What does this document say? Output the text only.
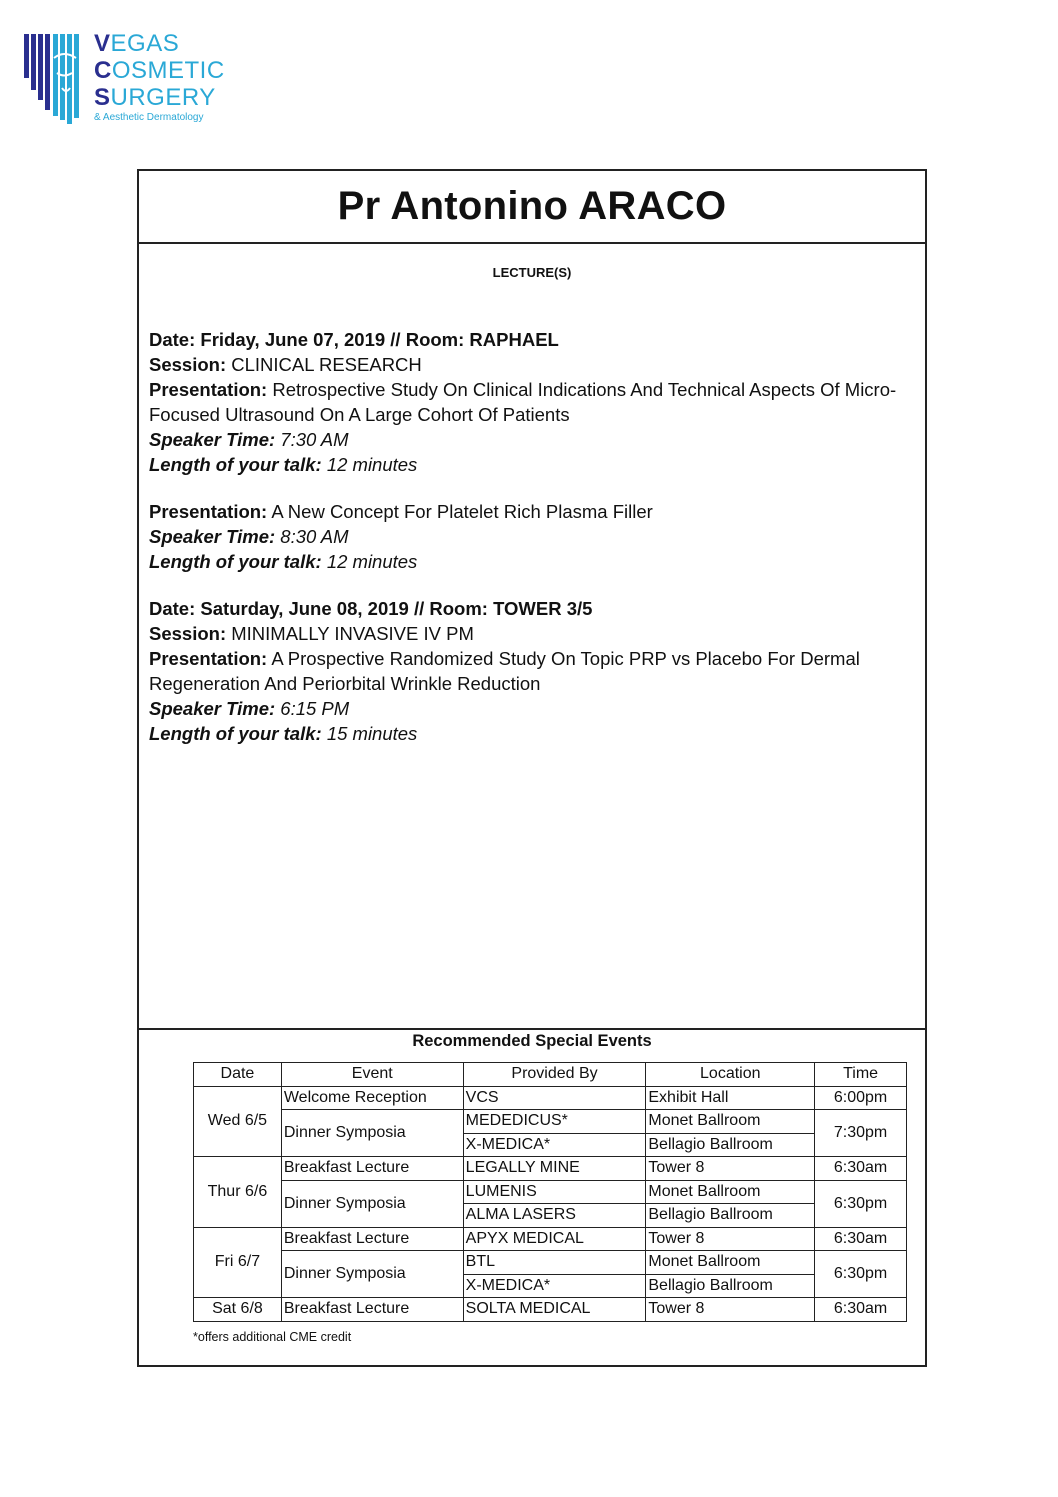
VEGAS
COSMETIC
SURGERY
& Aesthetic Dermatology
Pr Antonino ARACO
LECTURE(S)

Date: Friday, June 07, 2019 // Room: RAPHAEL

Session: CLINICAL RESEARCH

Presentation: Retrospective Study On Clinical Indications And Technical Aspects Of Micro-Focused Ultrasound On A Large Cohort Of Patients

Speaker Time: 7:30 AM

Length of your talk: 12 minutes

Presentation: A New Concept For Platelet Rich Plasma Filler

Speaker Time: 8:30 AM

Length of your talk: 12 minutes

Date: Saturday, June 08, 2019 // Room: TOWER 3/5

Session: MINIMALLY INVASIVE IV PM

Presentation: A Prospective Randomized Study On Topic PRP vs Placebo For Dermal Regeneration And Periorbital Wrinkle Reduction

Speaker Time: 6:15 PM

Length of your talk: 15 minutes

Recommended Special Events
Date	Event	Provided By	Location	Time
Wed 6/5	Welcome Reception	VCS	Exhibit Hall	6:00pm
	Dinner Symposia	MEDEDICUS*	Monet Ballroom	7:30pm
		X-MEDICA*	Bellagio Ballroom	
Thur 6/6	Breakfast Lecture	LEGALLY MINE	Tower 8	6:30am
	Dinner Symposia	LUMENIS	Monet Ballroom	6:30pm
		ALMA LASERS	Bellagio Ballroom	
Fri 6/7	Breakfast Lecture	APYX MEDICAL	Tower 8	6:30am
	Dinner Symposia	BTL	Monet Ballroom	6:30pm
		X-MEDICA*	Bellagio Ballroom	
Sat 6/8	Breakfast Lecture	SOLTA MEDICAL	Tower 8	6:30am
*offers additional CME credit
